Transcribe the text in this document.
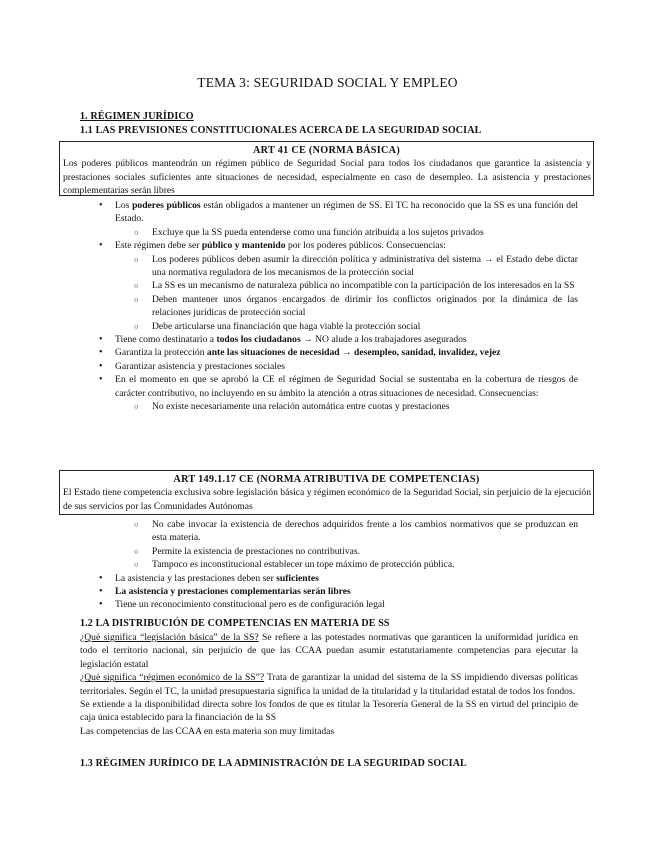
TEMA 3: SEGURIDAD SOCIAL Y EMPLEO
1. RÉGIMEN JURÍDICO
1.1 LAS PREVISIONES CONSTITUCIONALES ACERCA DE LA SEGURIDAD SOCIAL
ART 41 CE (NORMA BÁSICA)
Los poderes públicos mantendrán un régimen público de Seguridad Social para todos los ciudadanos que garantice la asistencia y prestaciones sociales suficientes ante situaciones de necesidad, especialmente en caso de desempleo. La asistencia y prestaciones complementarias serán libres
• Los poderes públicos están obligados a mantener un régimen de SS. El TC ha reconocido que la SS es una función del Estado.
○ Excluye que la SS pueda entenderse como una función atribuida a los sujetos privados
• Este régimen debe ser público y mantenido por los poderes públicos. Consecuencias:
○ Los poderes públicos deben asumir la dirección política y administrativa del sistema → el Estado debe dictar una normativa reguladora de los mecanismos de la protección social
○ La SS es un mecanismo de naturaleza pública no incompatible con la participación de los interesados en la SS
○ Deben mantener unos órganos encargados de dirimir los conflictos originados por la dinámica de las relaciones jurídicas de protección social
○ Debe articularse una financiación que haga viable la protección social
• Tiene como destinatario a todos los ciudadanos → NO alude a los trabajadores asegurados
• Garantiza la protección ante las situaciones de necesidad → desempleo, sanidad, invalidez, vejez
• Garantizar asistencia y prestaciones sociales
• En el momento en que se aprobó la CE el régimen de Seguridad Social se sustentaba en la cobertura de riesgos de carácter contributivo, no incluyendo en su ámbito la atención a otras situaciones de necesidad. Consecuencias:
○ No existe necesariamente una relación automática entre cuotas y prestaciones
ART 149.1.17 CE (NORMA ATRIBUTIVA DE COMPETENCIAS)
El Estado tiene competencia exclusiva sobre legislación básica y régimen económico de la Seguridad Social, sin perjuicio de la ejecución de sus servicios por las Comunidades Autónomas
○ No cabe invocar la existencia de derechos adquiridos frente a los cambios normativos que se produzcan en esta materia.
○ Permite la existencia de prestaciones no contributivas.
○ Tampoco es inconstitucional establecer un tope máximo de protección pública.
• La asistencia y las prestaciones deben ser suficientes
• La asistencia y prestaciones complementarias serán libres
• Tiene un reconocimiento constitucional pero es de configuración legal
1.2 LA DISTRIBUCIÓN DE COMPETENCIAS EN MATERIA DE SS
¿Qué significa “legislación básica” de la SS? Se refiere a las potestades normativas que garanticen la uniformidad jurídica en todo el territorio nacional, sin perjuicio de que las CCAA puedan asumir estatutariamente competencias para ejecutar la legislación estatal
¿Qué significa “régimen económico de la SS”? Trata de garantizar la unidad del sistema de la SS impidiendo diversas políticas territoriales. Según el TC, la unidad presupuestaria significa la unidad de la titularidad y la titularidad estatal de todos los fondos.
Se extiende a la disponibilidad directa sobre los fondos de que es titular la Tesorería General de la SS en virtud del principio de caja única establecido para la financiación de la SS
Las competencias de las CCAA en esta materia son muy limitadas
1.3 RÉGIMEN JURÍDICO DE LA ADMINISTRACIÓN DE LA SEGURIDAD SOCIAL
